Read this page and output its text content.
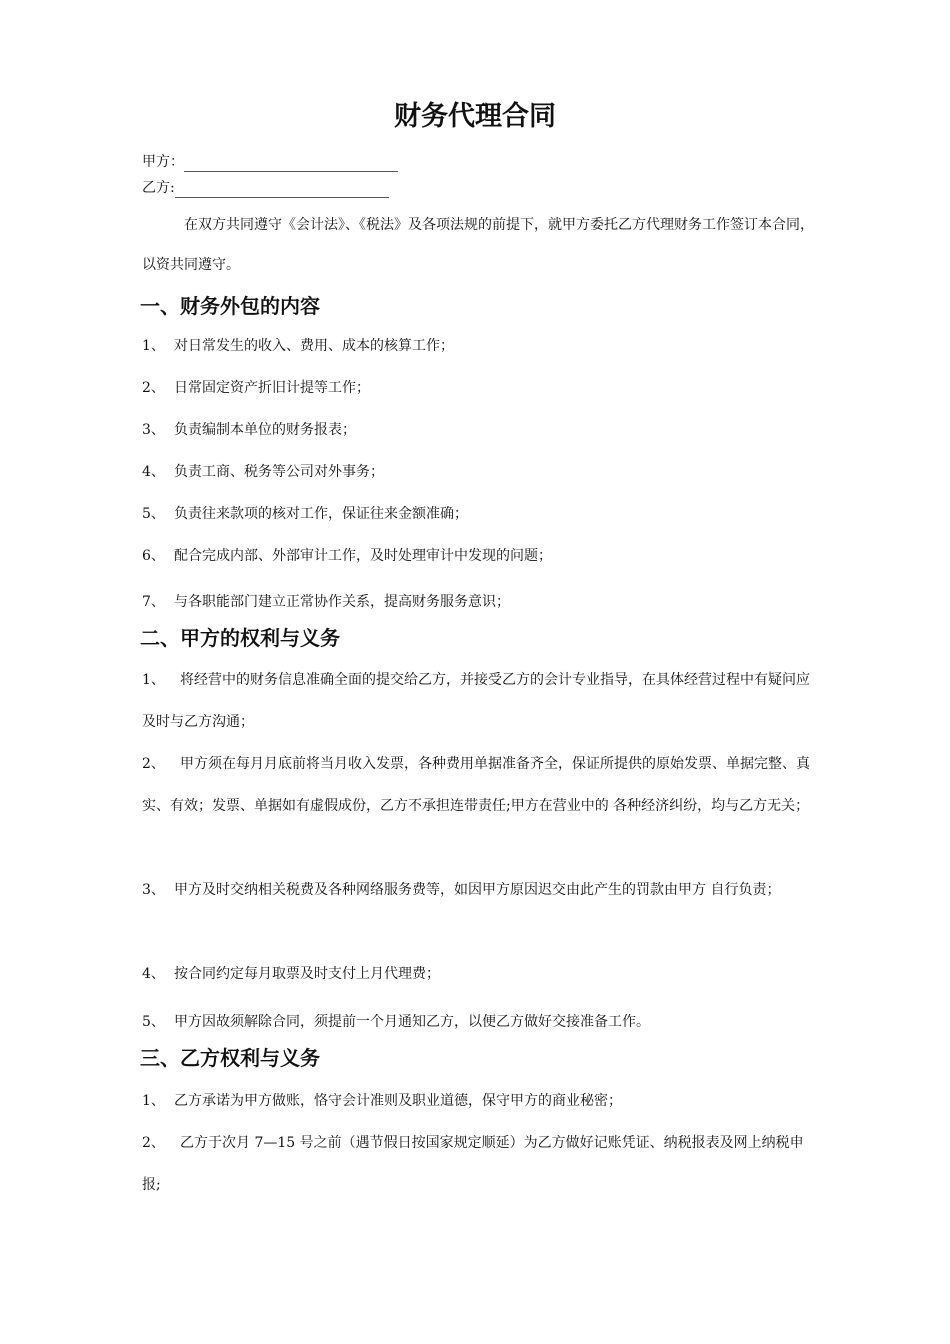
财务代理合同
甲方：
乙方:

在双方共同遵守《会计法》、《税法》及各项法规的前提下，就甲方委托乙方代理财务工作签订本合同，以资共同遵守。

一、财务外包的内容

1、 对日常发生的收入、费用、成本的核算工作；

2、 日常固定资产折旧计提等工作；

3、 负责编制本单位的财务报表；

4、 负责工商、税务等公司对外事务；

5、 负责往来款项的核对工作，保证往来金额准确；

6、 配合完成内部、外部审计工作，及时处理审计中发现的问题；

7、 与各职能部门建立正常协作关系，提高财务服务意识；

二、甲方的权利与义务

1、 将经营中的财务信息准确全面的提交给乙方，并接受乙方的会计专业指导，在具体经营过程中有疑问应及时与乙方沟通；

2、 甲方须在每月月底前将当月收入发票，各种费用单据准备齐全，保证所提供的原始发票、单据完整、真实、有效；发票、单据如有虚假成份，乙方不承担连带责任;甲方在营业中的 各种经济纠纷，均与乙方无关；

3、 甲方及时交纳相关税费及各种网络服务费等，如因甲方原因迟交由此产生的罚款由甲方 自行负责；

4、 按合同约定每月取票及时支付上月代理费；

5、 甲方因故须解除合同，须提前一个月通知乙方，以便乙方做好交接准备工作。

三、乙方权利与义务

1、 乙方承诺为甲方做账，恪守会计准则及职业道德，保守甲方的商业秘密；

2、 乙方于次月 7—15 号之前（遇节假日按国家规定顺延）为乙方做好记账凭证、纳税报表及网上纳税申报;
